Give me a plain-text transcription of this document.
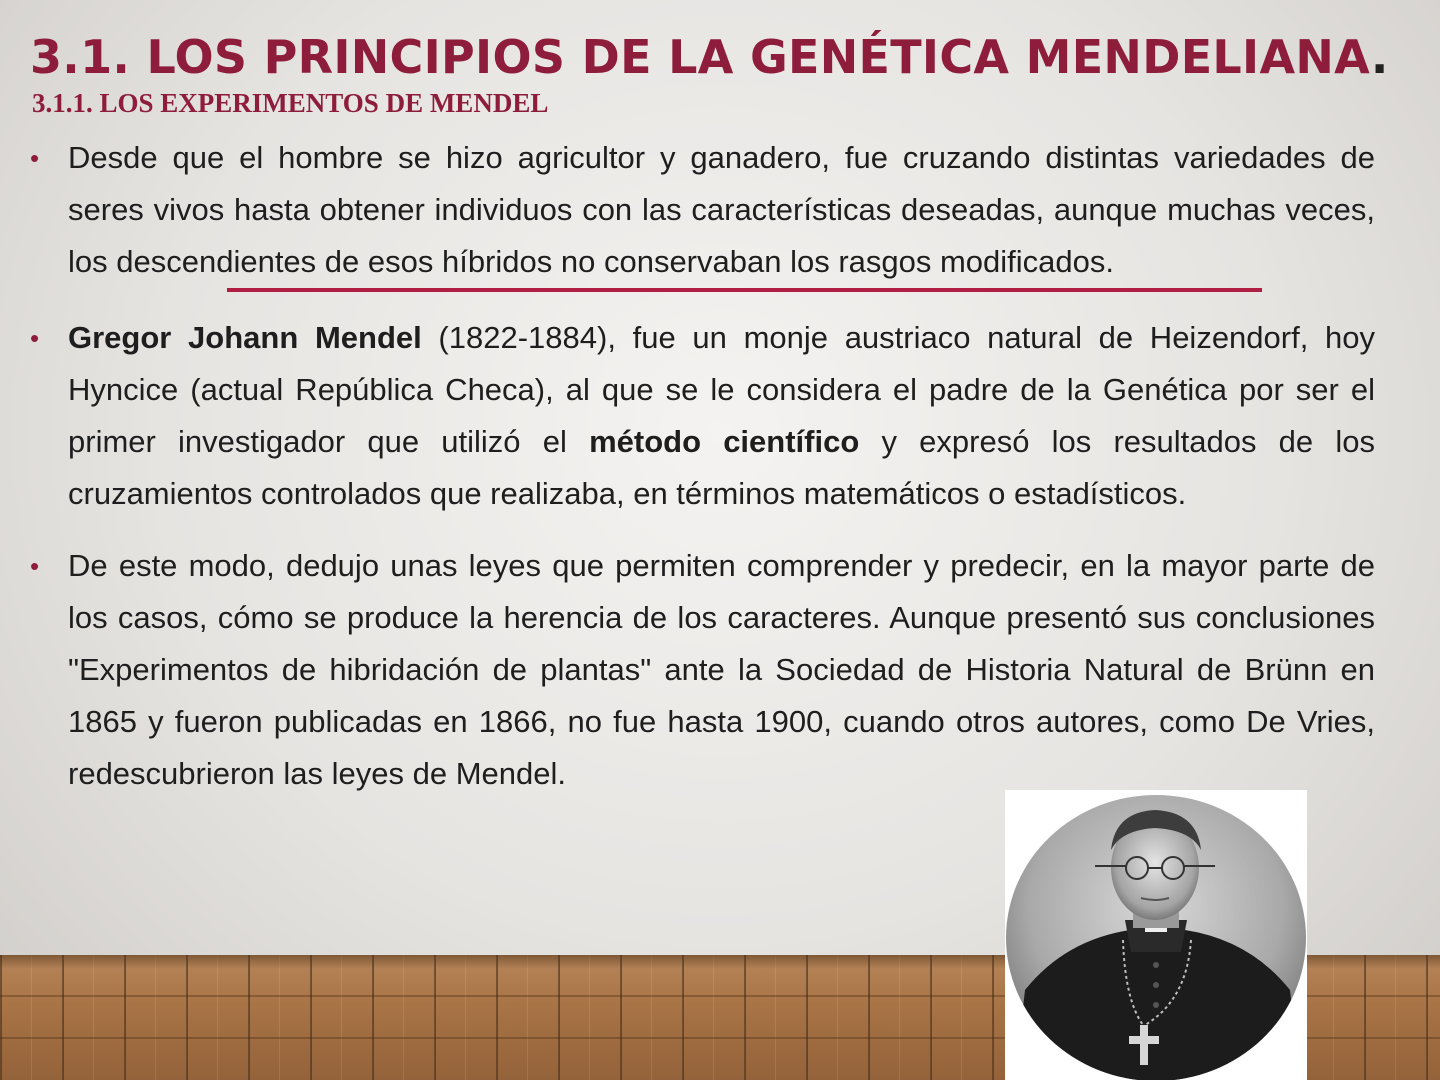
3.1. LOS PRINCIPIOS DE LA GENÉTICA MENDELIANA.
3.1.1. LOS EXPERIMENTOS DE MENDEL
• Desde que el hombre se hizo agricultor y ganadero, fue cruzando distintas variedades de seres vivos hasta obtener individuos con las características deseadas, aunque muchas veces, los descendientes de esos híbridos no conservaban los rasgos modificados.
• Gregor Johann Mendel (1822-1884), fue un monje austriaco natural de Heizendorf, hoy Hyncice (actual República Checa), al que se le considera el padre de la Genética por ser el primer investigador que utilizó el método científico y expresó los resultados de los cruzamientos controlados que realizaba, en términos matemáticos o estadísticos.
• De este modo, dedujo unas leyes que permiten comprender y predecir, en la mayor parte de los casos, cómo se produce la herencia de los caracteres. Aunque presentó sus conclusiones "Experimentos de hibridación de plantas" ante la Sociedad de Historia Natural de Brünn en 1865 y fueron publicadas en 1866, no fue hasta 1900, cuando otros autores, como De Vries, redescubrieron las leyes de Mendel.
